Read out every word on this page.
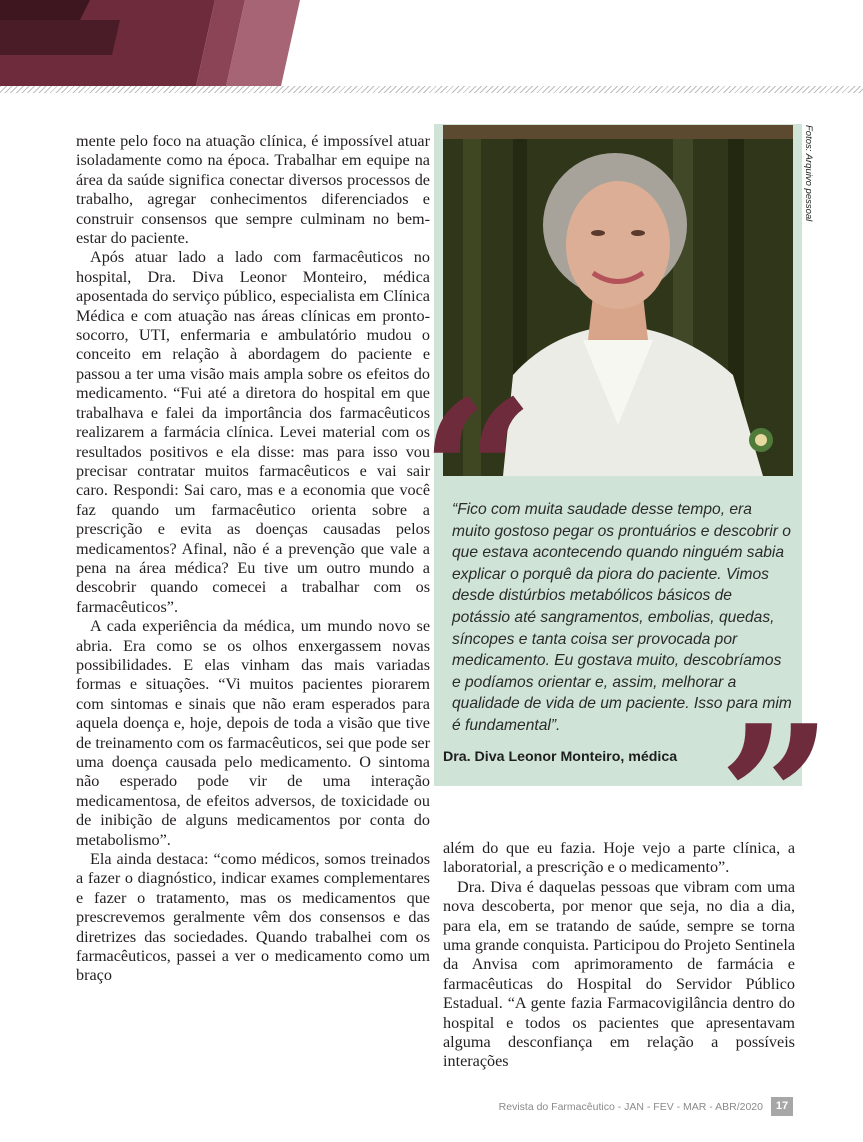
mente pelo foco na atuação clínica, é impossível atuar isoladamente como na época. Trabalhar em equipe na área da saúde significa conectar diversos processos de trabalho, agregar conhecimentos diferenciados e construir consensos que sempre culminam no bem-estar do paciente.

Após atuar lado a lado com farmacêuticos no hospital, Dra. Diva Leonor Monteiro, médica aposentada do serviço público, especialista em Clínica Médica e com atuação nas áreas clínicas em pronto-socorro, UTI, enfermaria e ambulatório mudou o conceito em relação à abordagem do paciente e passou a ter uma visão mais ampla sobre os efeitos do medicamento. “Fui até a diretora do hospital em que trabalhava e falei da importância dos farmacêuticos realizarem a farmácia clínica. Levei material com os resultados positivos e ela disse: mas para isso vou precisar contratar muitos farmacêuticos e vai sair caro. Respondi: Sai caro, mas e a economia que você faz quando um farmacêutico orienta sobre a prescrição e evita as doenças causadas pelos medicamentos? Afinal, não é a prevenção que vale a pena na área médica? Eu tive um outro mundo a descobrir quando comecei a trabalhar com os farmacêuticos”.

A cada experiência da médica, um mundo novo se abria. Era como se os olhos enxergassem novas possibilidades. E elas vinham das mais variadas formas e situações. “Vi muitos pacientes piorarem com sintomas e sinais que não eram esperados para aquela doença e, hoje, depois de toda a visão que tive de treinamento com os farmacêuticos, sei que pode ser uma doença causada pelo medicamento. O sintoma não esperado pode vir de uma interação medicamentosa, de efeitos adversos, de toxicidade ou de inibição de alguns medicamentos por conta do metabolismo”.

Ela ainda destaca: “como médicos, somos treinados a fazer o diagnóstico, indicar exames complementares e fazer o tratamento, mas os medicamentos que prescrevemos geralmente vêm dos consensos e das diretrizes das sociedades. Quando trabalhei com os farmacêuticos, passei a ver o medicamento como um braço

Fotos: Arquivo pessoal
“

“Fico com muita saudade desse tempo, era muito gostoso pegar os prontuários e descobrir o que estava acontecendo quando ninguém sabia explicar o porquê da piora do paciente. Vimos desde distúrbios metabólicos básicos de potássio até sangramentos, embolias, quedas, síncopes e tanta coisa ser provocada por medicamento. Eu gostava muito, descobríamos e podíamos orientar e, assim, melhorar a qualidade de vida de um paciente. Isso para mim é fundamental”.

Dra. Diva Leonor Monteiro, médica ”

além do que eu fazia. Hoje vejo a parte clínica, a laboratorial, a prescrição e o medicamento”.

Dra. Diva é daquelas pessoas que vibram com uma nova descoberta, por menor que seja, no dia a dia, para ela, em se tratando de saúde, sempre se torna uma grande conquista. Participou do Projeto Sentinela da Anvisa com aprimoramento de farmácia e farmacêuticas do Hospital do Servidor Público Estadual. “A gente fazia Farmacovigilância dentro do hospital e todos os pacientes que apresentavam alguma desconfiança em relação a possíveis interações

Revista do Farmacêutico - JAN - FEV - MAR - ABR/2020	17
